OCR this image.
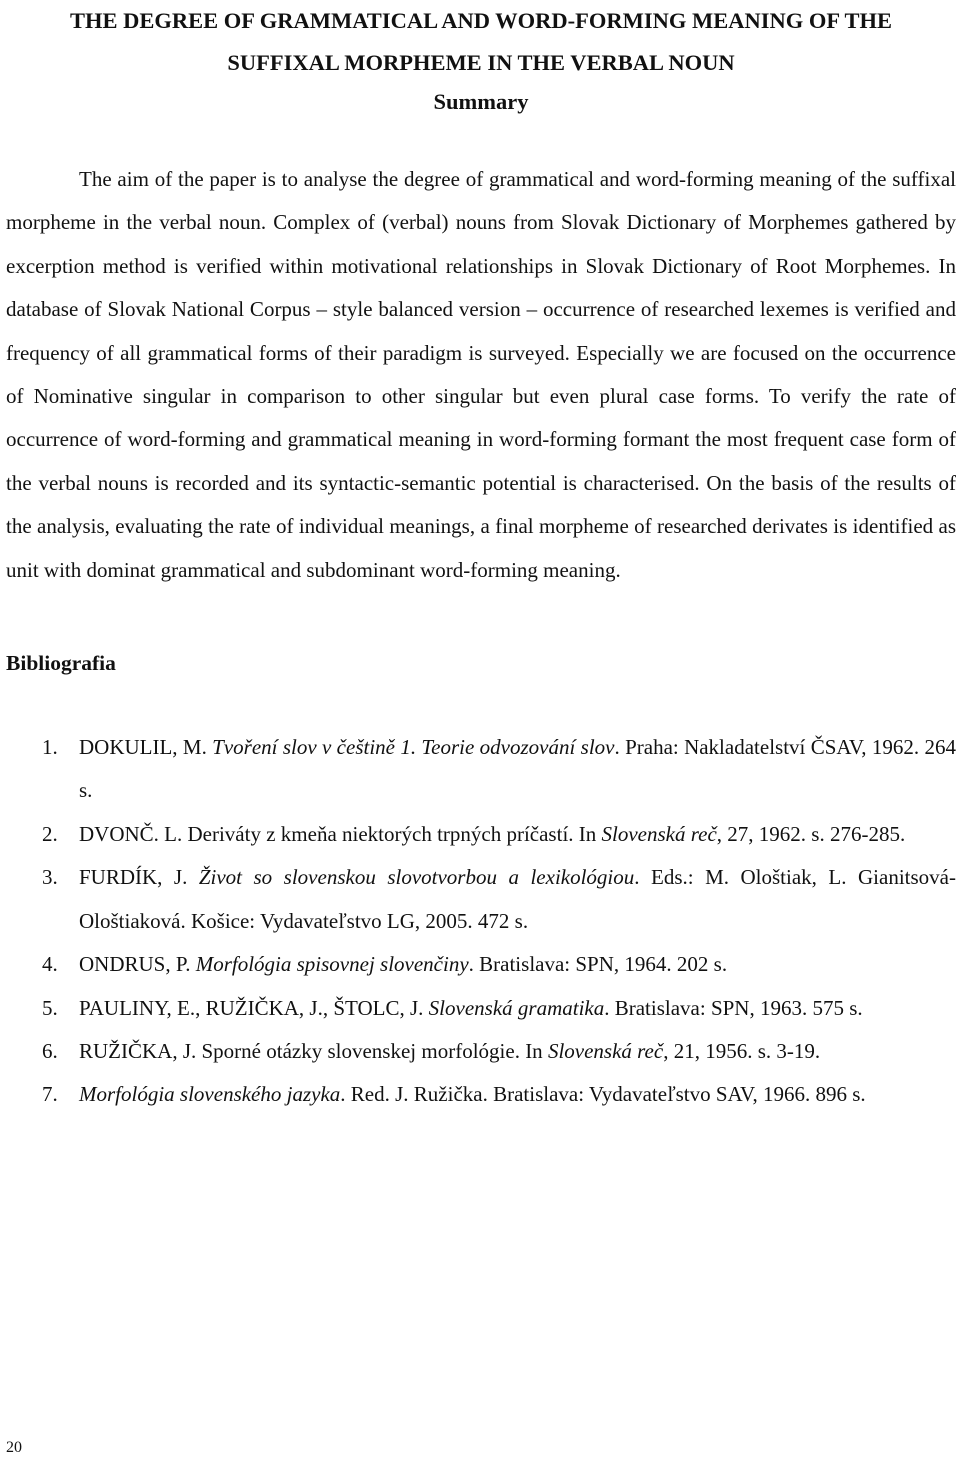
THE DEGREE OF GRAMMATICAL AND WORD-FORMING MEANING OF THE
SUFFIXAL MORPHEME IN THE VERBAL NOUN
Summary

The aim of the paper is to analyse the degree of grammatical and word-forming meaning of the suffixal morpheme in the verbal noun. Complex of (verbal) nouns from Slovak Dictionary of Morphemes gathered by excerption method is verified within motivational relationships in Slovak Dictionary of Root Morphemes. In database of Slovak National Corpus – style balanced version – occurrence of researched lexemes is verified and frequency of all grammatical forms of their paradigm is surveyed. Especially we are focused on the occurrence of Nominative singular in comparison to other singular but even plural case forms. To verify the rate of occurrence of word-forming and grammatical meaning in word-forming formant the most frequent case form of the verbal nouns is recorded and its syntactic-semantic potential is characterised. On the basis of the results of the analysis, evaluating the rate of individual meanings, a final morpheme of researched derivates is identified as unit with dominat grammatical and subdominant word-forming meaning.

Bibliografia
1. DOKULIL, M. Tvoření slov v češtině 1. Teorie odvozování slov. Praha: Nakladatelství ČSAV, 1962. 264 s.
2. DVONČ. L. Deriváty z kmeňa niektorých trpných príčastí. In Slovenská reč, 27, 1962. s. 276-285.
3. FURDÍK, J. Život so slovenskou slovotvorbou a lexikológiou. Eds.: M. Ološtiak, L. Gianitsová-Ološtiaková. Košice: Vydavateľstvo LG, 2005. 472 s.
4. ONDRUS, P. Morfológia spisovnej slovenčiny. Bratislava: SPN, 1964. 202 s.
5. PAULINY, E., RUŽIČKA, J., ŠTOLC, J. Slovenská gramatika. Bratislava: SPN, 1963. 575 s.
6. RUŽIČKA, J. Sporné otázky slovenskej morfológie. In Slovenská reč, 21, 1956. s. 3-19.
7. Morfológia slovenského jazyka. Red. J. Ružička. Bratislava: Vydavateľstvo SAV, 1966. 896 s.
20
